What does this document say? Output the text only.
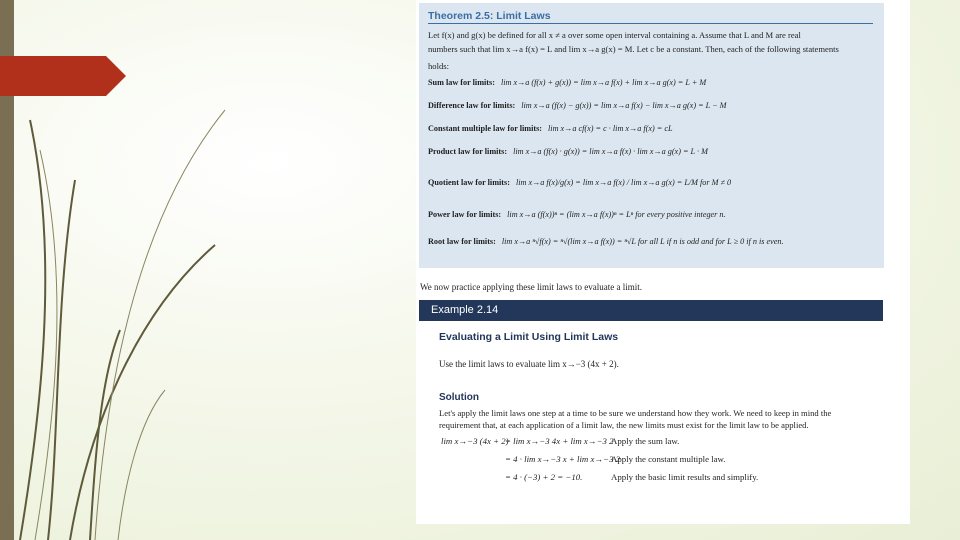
Theorem 2.5: Limit Laws
Let f(x) and g(x) be defined for all x ≠ a over some open interval containing a. Assume that L and M are real
numbers such that lim x→a f(x) = L and lim x→a g(x) = M. Let c be a constant. Then, each of the following statements
holds:
Sum law for limits: lim x→a (f(x) + g(x)) = lim x→a f(x) + lim x→a g(x) = L + M
Difference law for limits: lim x→a (f(x) − g(x)) = lim x→a f(x) − lim x→a g(x) = L − M
Constant multiple law for limits: lim x→a cf(x) = c · lim x→a f(x) = cL
Product law for limits: lim x→a (f(x) · g(x)) = lim x→a f(x) · lim x→a g(x) = L · M
Quotient law for limits: lim x→a f(x)/g(x) = lim x→a f(x) / lim x→a g(x) = L/M for M ≠ 0
Power law for limits: lim x→a (f(x))ⁿ = (lim x→a f(x))ⁿ = Lⁿ for every positive integer n.
Root law for limits: lim x→a ⁿ√f(x) = ⁿ√(lim x→a f(x)) = ⁿ√L for all L if n is odd and for L ≥ 0 if n is even.
We now practice applying these limit laws to evaluate a limit.
Example 2.14
Evaluating a Limit Using Limit Laws
Use the limit laws to evaluate lim x→−3 (4x + 2).
Solution
Let's apply the limit laws one step at a time to be sure we understand how they work. We need to keep in mind the requirement that, at each application of a limit law, the new limits must exist for the limit law to be applied.
lim x→−3 (4x + 2)
= lim x→−3 4x + lim x→−3 2
Apply the sum law.
= 4 · lim x→−3 x + lim x→−3 2
Apply the constant multiple law.
= 4 · (−3) + 2 = −10.	Apply the basic limit results and simplify.
